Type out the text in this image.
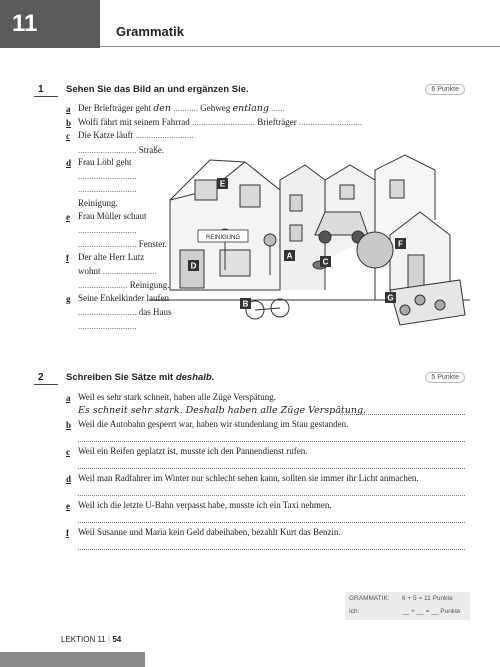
11	Grammatik
1 Sehen Sie das Bild an und ergänzen Sie.	6 Punkte
a Der Briefträger geht den ........... Gehweg entlang ......
b Wolfi fährt mit seinem Fahrrad ............................ Briefträger ............................
c Die Katze läuft ..........................
.......................... Straße.
d Frau Löbl geht
..........................
..........................
Reinigung.
e Frau Müller schaut
..........................
.......................... Fenster.
f Der alte Herr Lutz
wohnt ........................
...................... Reinigung.
g Seine Enkelkinder laufen
.......................... das Haus
..........................
REINIGUNG
A
B
C
D
E
F
G
2 Schreiben Sie Sätze mit deshalb.	5 Punkte
a Weil es sehr stark schneit, haben alle Züge Verspätung.
Es schneit sehr stark. Deshalb haben alle Züge Verspätung.
b Weil die Autobahn gesperrt war, haben wir stundenlang im Stau gestanden.
c Weil ein Reifen geplatzt ist, musste ich den Pannendienst rufen.
d Weil man Radfahrer im Winter nur schlecht sehen kann, sollten sie immer ihr Licht anmachen.
e Weil ich die letzte U-Bahn verpasst habe, musste ich ein Taxi nehmen.
f Weil Susanne und Maria kein Geld dabeihaben, bezahlt Kurt das Benzin.
GRAMMATIK: 6 + 5 = 11 Punkte
Ich:	__ + __ = __ Punkte
LEKTION 11 | 54
